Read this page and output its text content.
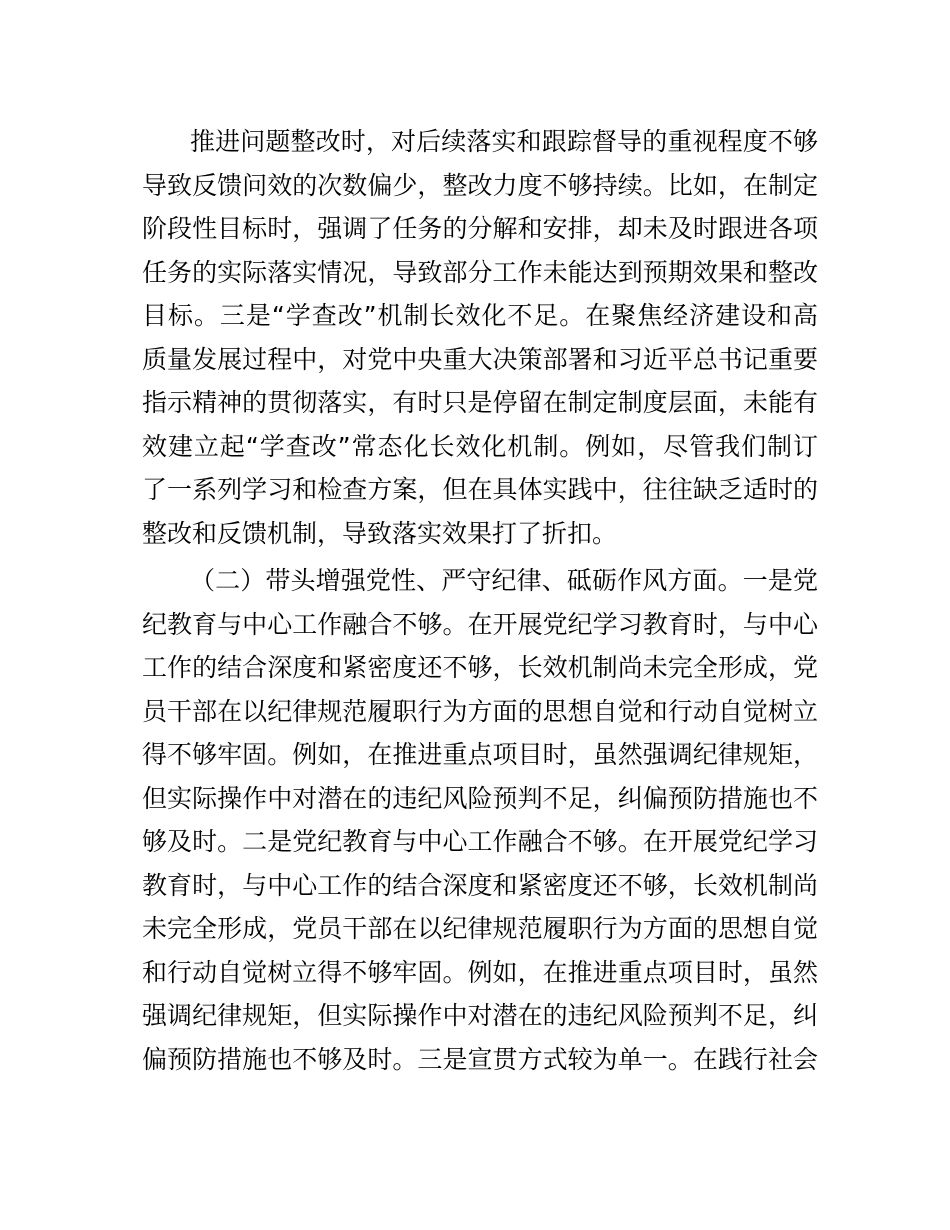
推进问题整改时，对后续落实和跟踪督导的重视程度不够
导致反馈问效的次数偏少，整改力度不够持续。比如，在制定
阶段性目标时，强调了任务的分解和安排，却未及时跟进各项
任务的实际落实情况，导致部分工作未能达到预期效果和整改
目标。三是“学查改”机制长效化不足。在聚焦经济建设和高
质量发展过程中，对党中央重大决策部署和习近平总书记重要
指示精神的贯彻落实，有时只是停留在制定制度层面，未能有
效建立起“学查改”常态化长效化机制。例如，尽管我们制订
了一系列学习和检查方案，但在具体实践中，往往缺乏适时的
整改和反馈机制，导致落实效果打了折扣。
（二）带头增强党性、严守纪律、砥砺作风方面。一是党
纪教育与中心工作融合不够。在开展党纪学习教育时，与中心
工作的结合深度和紧密度还不够，长效机制尚未完全形成，党
员干部在以纪律规范履职行为方面的思想自觉和行动自觉树立
得不够牢固。例如，在推进重点项目时，虽然强调纪律规矩，
但实际操作中对潜在的违纪风险预判不足，纠偏预防措施也不
够及时。二是党纪教育与中心工作融合不够。在开展党纪学习
教育时，与中心工作的结合深度和紧密度还不够，长效机制尚
未完全形成，党员干部在以纪律规范履职行为方面的思想自觉
和行动自觉树立得不够牢固。例如，在推进重点项目时，虽然
强调纪律规矩，但实际操作中对潜在的违纪风险预判不足，纠
偏预防措施也不够及时。三是宣贯方式较为单一。在践行社会
